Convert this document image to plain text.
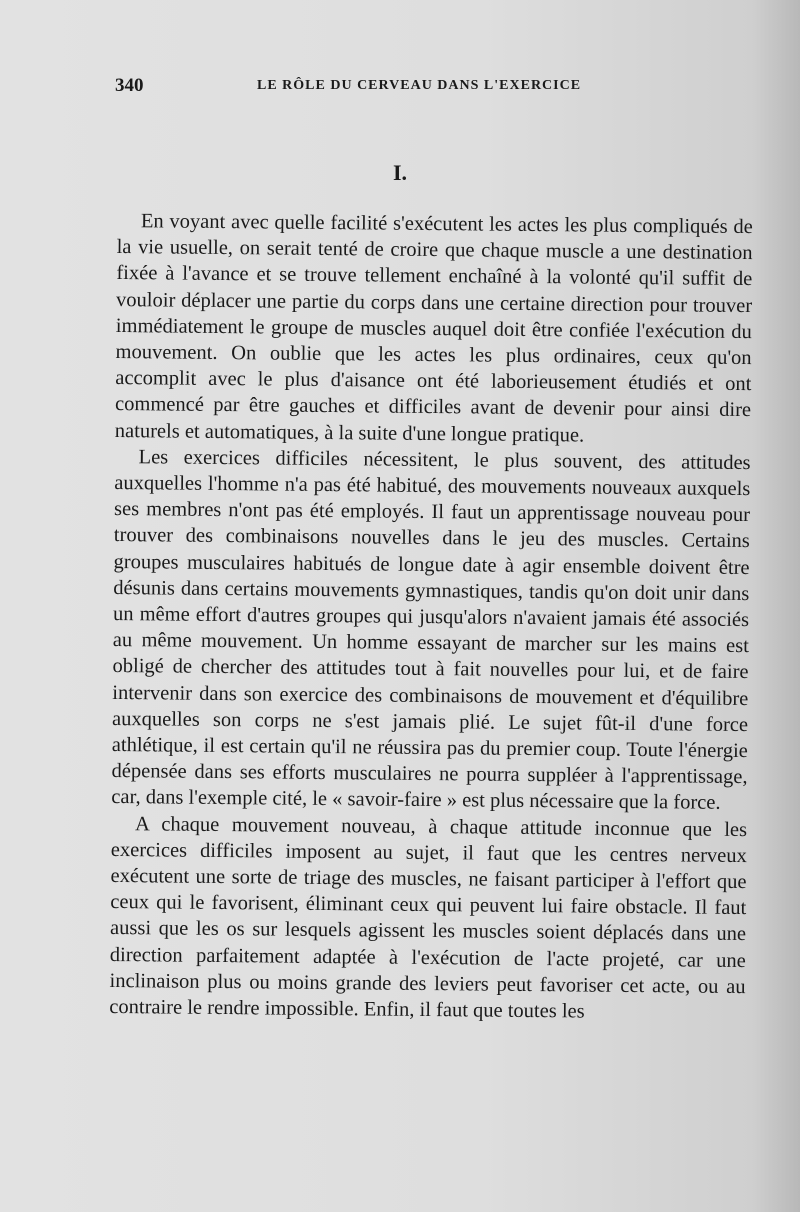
340	LE RÔLE DU CERVEAU DANS L'EXERCICE
I.

En voyant avec quelle facilité s'exécutent les actes les plus compliqués de la vie usuelle, on serait tenté de croire que chaque muscle a une destination fixée à l'avance et se trouve tellement enchaîné à la volonté qu'il suffit de vouloir déplacer une partie du corps dans une certaine direction pour trouver immédiatement le groupe de muscles auquel doit être confiée l'exécution du mouvement. On oublie que les actes les plus ordinaires, ceux qu'on accomplit avec le plus d'aisance ont été laborieusement étudiés et ont commencé par être gauches et difficiles avant de devenir pour ainsi dire naturels et automatiques, à la suite d'une longue pratique.

Les exercices difficiles nécessitent, le plus souvent, des attitudes auxquelles l'homme n'a pas été habitué, des mouvements nouveaux auxquels ses membres n'ont pas été employés. Il faut un apprentissage nouveau pour trouver des combinaisons nouvelles dans le jeu des muscles. Certains groupes musculaires habitués de longue date à agir ensemble doivent être désunis dans certains mouvements gymnastiques, tandis qu'on doit unir dans un même effort d'autres groupes qui jusqu'alors n'avaient jamais été associés au même mouvement. Un homme essayant de marcher sur les mains est obligé de chercher des attitudes tout à fait nouvelles pour lui, et de faire intervenir dans son exercice des combinaisons de mouvement et d'équilibre auxquelles son corps ne s'est jamais plié. Le sujet fût-il d'une force athlétique, il est certain qu'il ne réussira pas du premier coup. Toute l'énergie dépensée dans ses efforts musculaires ne pourra suppléer à l'apprentissage, car, dans l'exemple cité, le « savoir-faire » est plus nécessaire que la force.

A chaque mouvement nouveau, à chaque attitude inconnue que les exercices difficiles imposent au sujet, il faut que les centres nerveux exécutent une sorte de triage des muscles, ne faisant participer à l'effort que ceux qui le favorisent, éliminant ceux qui peuvent lui faire obstacle. Il faut aussi que les os sur lesquels agissent les muscles soient déplacés dans une direction parfaitement adaptée à l'exécution de l'acte projeté, car une inclinaison plus ou moins grande des leviers peut favoriser cet acte, ou au contraire le rendre impossible. Enfin, il faut que toutes les
